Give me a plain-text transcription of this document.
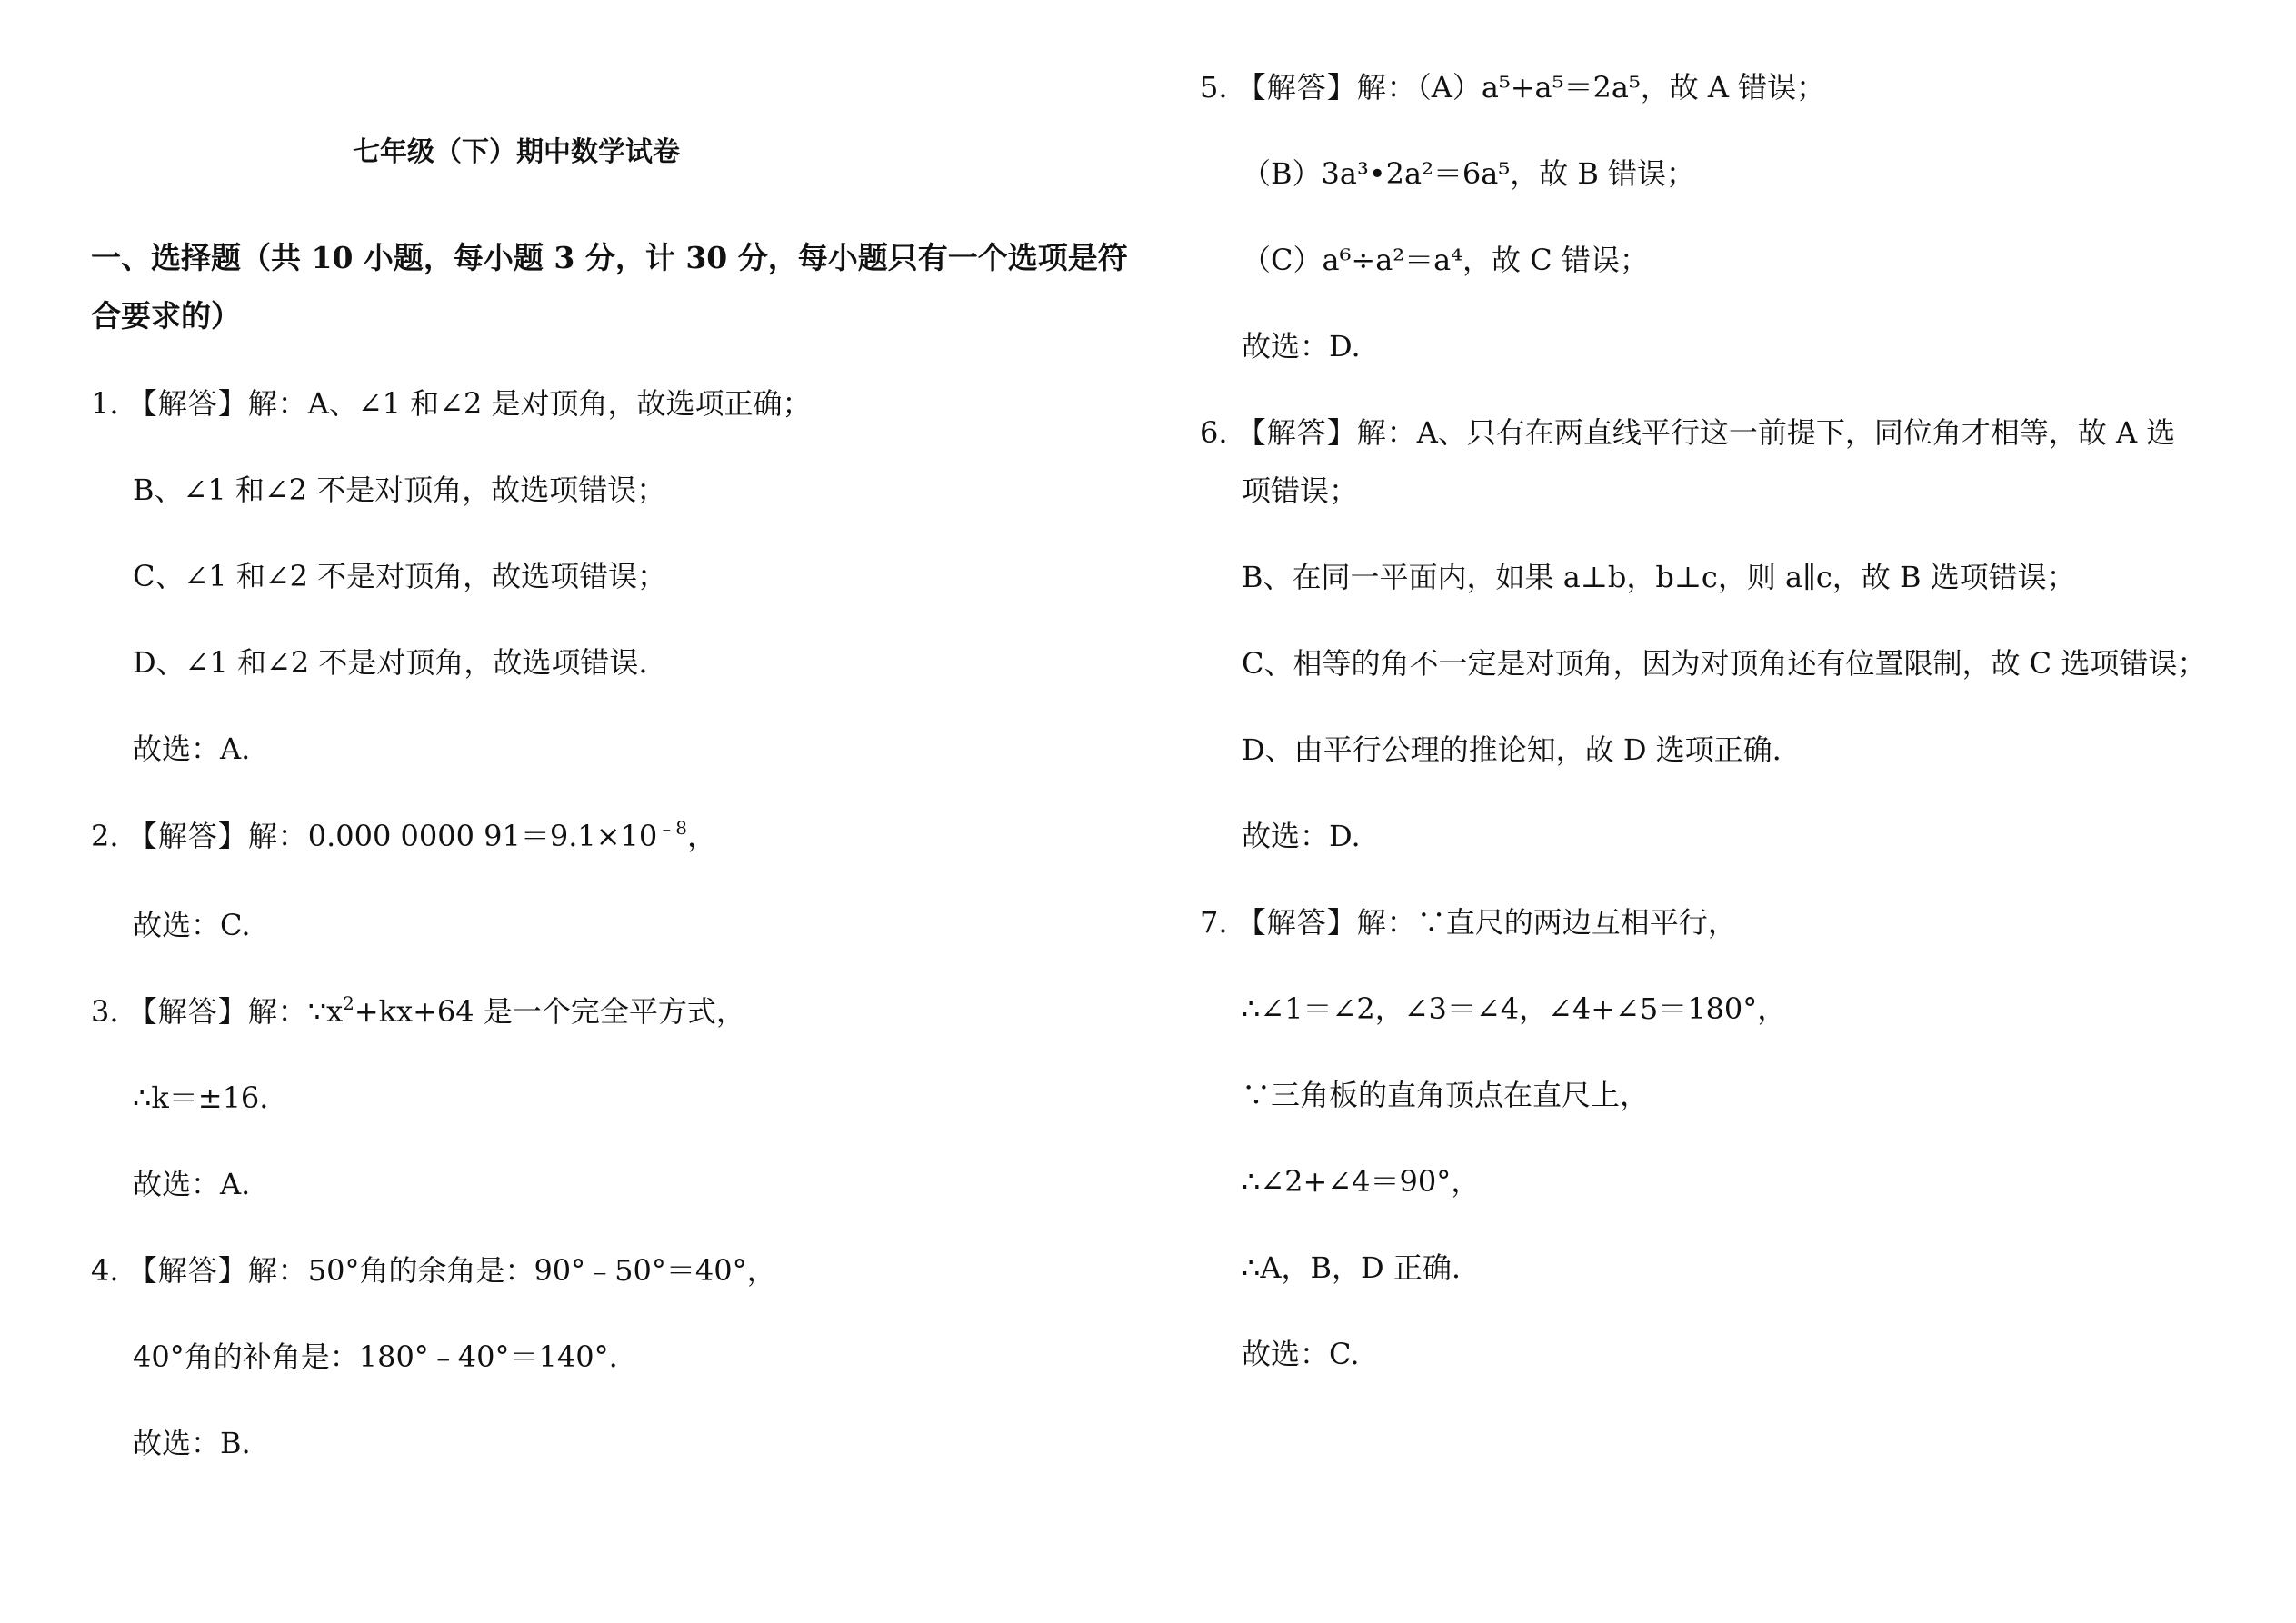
七年级（下）期中数学试卷
一、选择题（共 10 小题，每小题 3 分，计 30 分，每小题只有一个选项是符
合要求的）
1. 【解答】解：A、∠1 和∠2 是对顶角，故选项正确；
B、∠1 和∠2 不是对顶角，故选项错误；
C、∠1 和∠2 不是对顶角，故选项错误；
D、∠1 和∠2 不是对顶角，故选项错误.
故选：A.
2. 【解答】解：0.000 0000 $91=9.1\times 10^{﹣8}$，
故选：C.
3. 【解答】解：$\because x^2+kx+64$ 是一个完全平方式，
∴k＝±16.
故选：A.
4. 【解答】解：50°角的余角是：90°﹣50°＝40°，
40°角的补角是：180°﹣40°＝140°.
故选：B.
5. 【解答】解：（A）a⁵+a⁵＝2a⁵，故 A 错误；
（B）3a³•2a²＝6a⁵，故 B 错误；
（C）a⁶÷a²＝a⁴，故 C 错误；
故选：D.
6. 【解答】解：A、只有在两直线平行这一前提下，同位角才相等，故 A 选
项错误；
B、在同一平面内，如果 a⊥b，b⊥c，则 a∥c，故 B 选项错误；
C、相等的角不一定是对顶角，因为对顶角还有位置限制，故 C 选项错误；
D、由平行公理的推论知，故 D 选项正确.
故选：D.
7. 【解答】解：∵直尺的两边互相平行，
∴∠1＝∠2，∠3＝∠4，∠4+∠5＝180°，
∵三角板的直角顶点在直尺上，
∴∠2+∠4＝90°，
∴A，B，D 正确.
故选：C.
